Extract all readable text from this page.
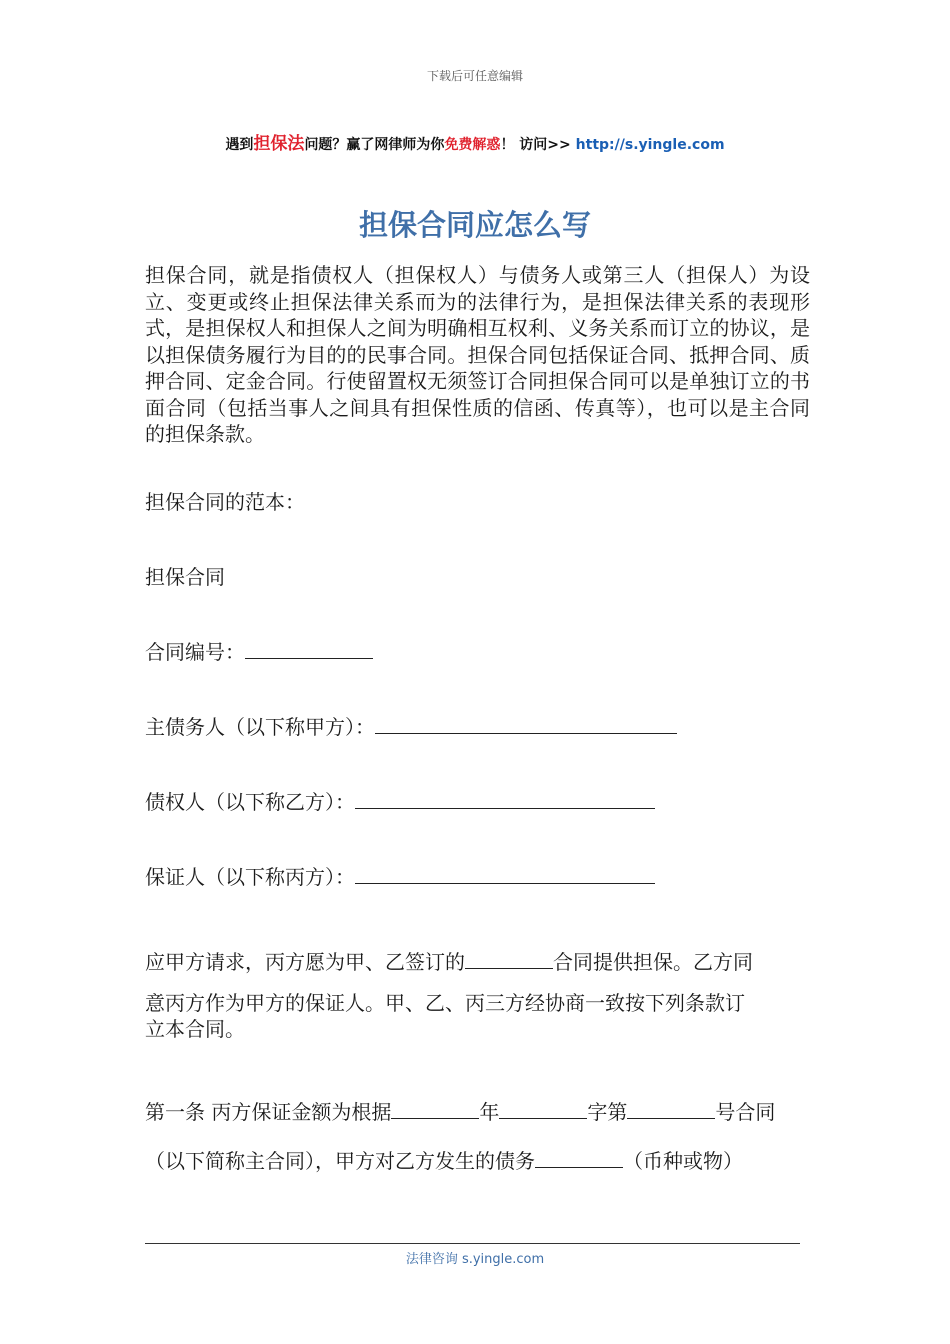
下载后可任意编辑
遇到担保法问题？赢了网律师为你免费解惑！ 访问>> http://s.yingle.com
担保合同应怎么写
担保合同，就是指债权人（担保权人）与债务人或第三人（担保人）为设立、变更或终止担保法律关系而为的法律行为，是担保法律关系的表现形式，是担保权人和担保人之间为明确相互权利、义务关系而订立的协议，是以担保债务履行为目的的民事合同。担保合同包括保证合同、抵押合同、质押合同、定金合同。行使留置权无须签订合同担保合同可以是单独订立的书面合同（包括当事人之间具有担保性质的信函、传真等），也可以是主合同的担保条款。
担保合同的范本：
担保合同
合同编号：
主债务人（以下称甲方）：
债权人（以下称乙方）：
保证人（以下称丙方）：
应甲方请求，丙方愿为甲、乙签订的	合同提供担保。乙方同
意丙方作为甲方的保证人。甲、乙、丙三方经协商一致按下列条款订
立本合同。
第一条 丙方保证金额为根据	年	字第	号合同
（以下简称主合同），甲方对乙方发生的债务	（币种或物）
法律咨询 s.yingle.com
